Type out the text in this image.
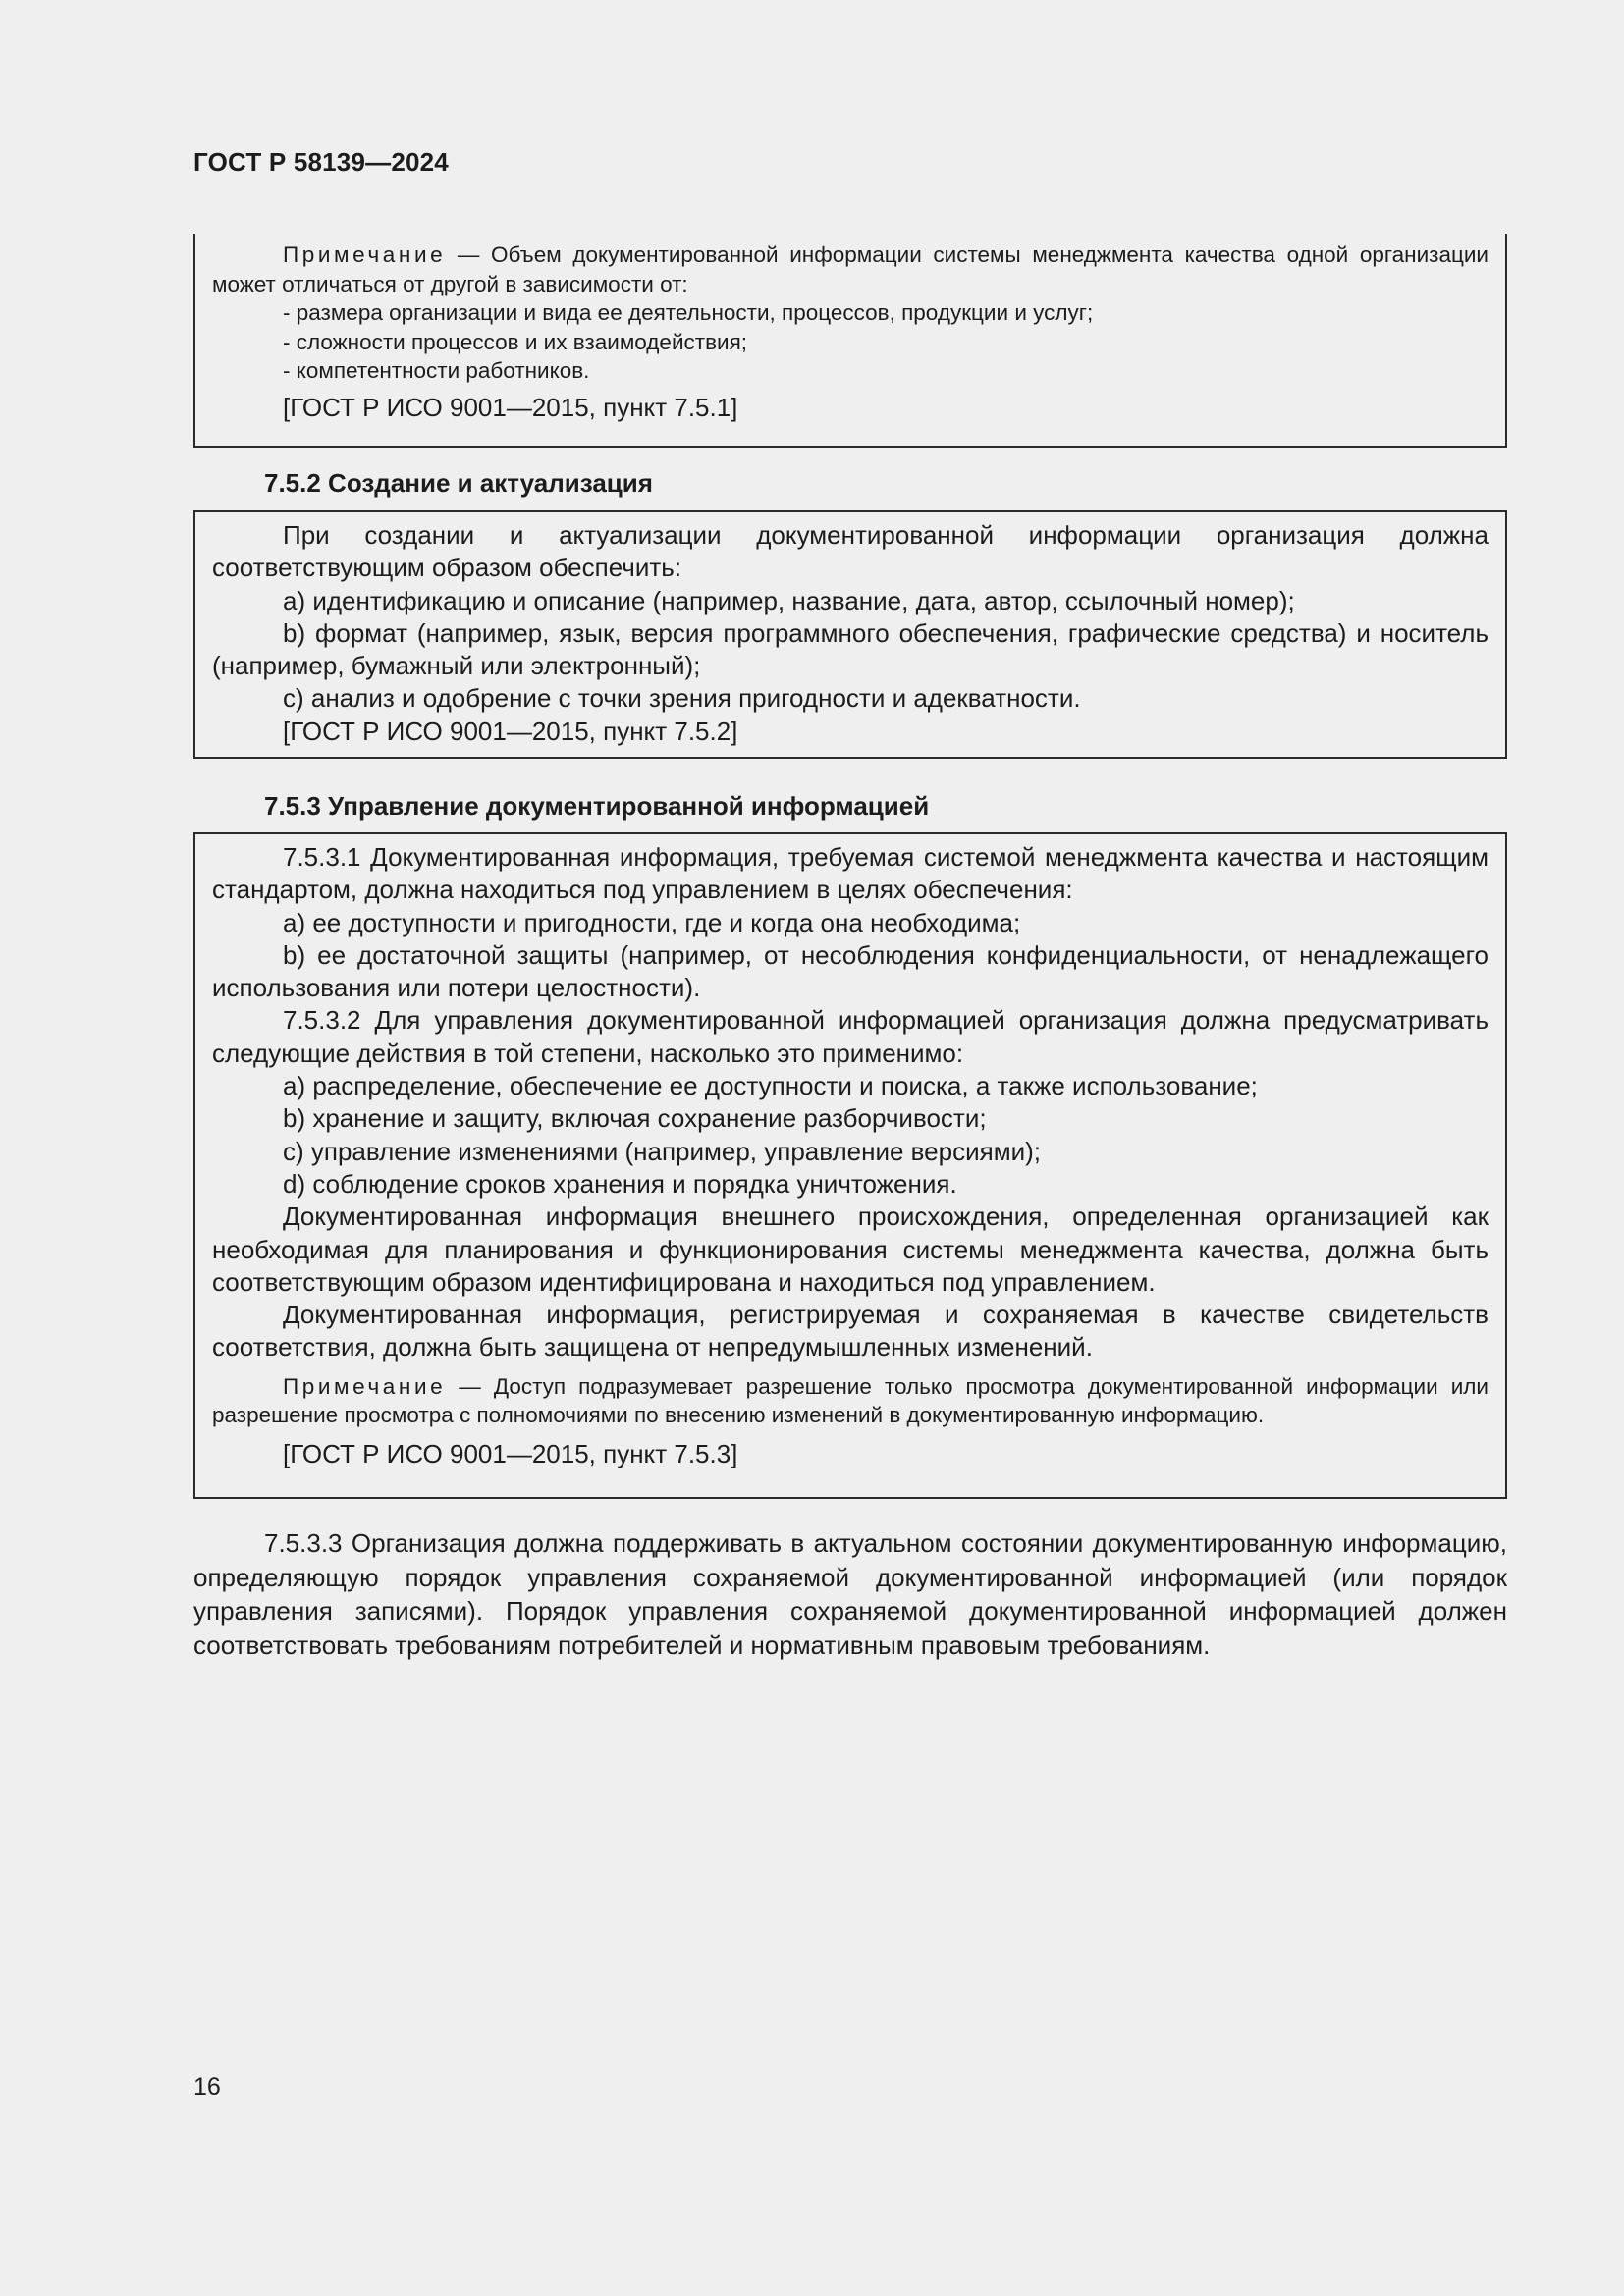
ГОСТ Р 58139—2024

Примечание — Объем документированной информации системы менеджмента качества одной организации может отличаться от другой в зависимости от:

- размера организации и вида ее деятельности, процессов, продукции и услуг;

- сложности процессов и их взаимодействия;

- компетентности работников.

[ГОСТ Р ИСО 9001—2015, пункт 7.5.1]

7.5.2 Создание и актуализация

При создании и актуализации документированной информации организация должна соответствующим образом обеспечить:

a) идентификацию и описание (например, название, дата, автор, ссылочный номер);

b) формат (например, язык, версия программного обеспечения, графические средства) и носитель (например, бумажный или электронный);

c) анализ и одобрение с точки зрения пригодности и адекватности.

[ГОСТ Р ИСО 9001—2015, пункт 7.5.2]

7.5.3 Управление документированной информацией

7.5.3.1 Документированная информация, требуемая системой менеджмента качества и настоящим стандартом, должна находиться под управлением в целях обеспечения:

a) ее доступности и пригодности, где и когда она необходима;

b) ее достаточной защиты (например, от несоблюдения конфиденциальности, от ненадлежащего использования или потери целостности).

7.5.3.2 Для управления документированной информацией организация должна предусматривать следующие действия в той степени, насколько это применимо:

a) распределение, обеспечение ее доступности и поиска, а также использование;

b) хранение и защиту, включая сохранение разборчивости;

c) управление изменениями (например, управление версиями);

d) соблюдение сроков хранения и порядка уничтожения.

Документированная информация внешнего происхождения, определенная организацией как необходимая для планирования и функционирования системы менеджмента качества, должна быть соответствующим образом идентифицирована и находиться под управлением.

Документированная информация, регистрируемая и сохраняемая в качестве свидетельств соответствия, должна быть защищена от непредумышленных изменений.

Примечание — Доступ подразумевает разрешение только просмотра документированной информации или разрешение просмотра с полномочиями по внесению изменений в документированную информацию.

[ГОСТ Р ИСО 9001—2015, пункт 7.5.3]

7.5.3.3 Организация должна поддерживать в актуальном состоянии документированную информацию, определяющую порядок управления сохраняемой документированной информацией (или порядок управления записями). Порядок управления сохраняемой документированной информацией должен соответствовать требованиям потребителей и нормативным правовым требованиям.

16
